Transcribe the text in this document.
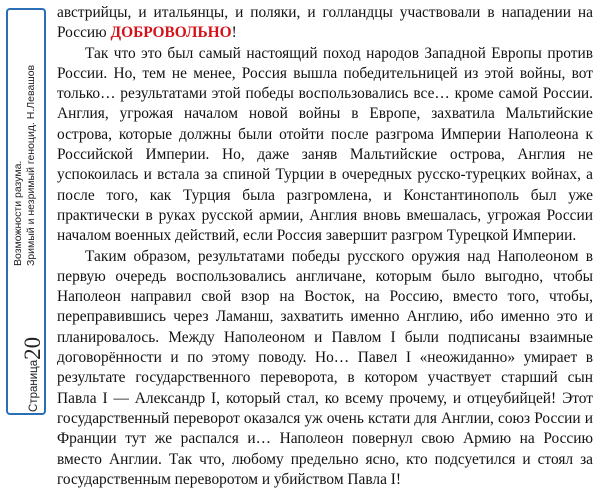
Страница20
Возможности разума. Зримый и незримый геноцид. Н.Левашов

австрийцы, и итальянцы, и поляки, и голландцы участвовали в нападении на Россию ДОБРОВОЛЬНО!

Так что это был самый настоящий поход народов Западной Европы против России. Но, тем не менее, Россия вышла победительницей из этой войны, вот только… результатами этой победы воспользовались все… кроме самой России. Англия, угрожая началом новой войны в Европе, захватила Мальтийские острова, которые должны были отойти после разгрома Империи Наполеона к Российской Империи. Но, даже заняв Мальтийские острова, Англия не успокоилась и встала за спиной Турции в очередных русско-турецких войнах, а после того, как Турция была разгромлена, и Константинополь был уже практически в руках русской армии, Англия вновь вмешалась, угрожая России началом военных действий, если Россия завершит разгром Турецкой Империи.

Таким образом, результатами победы русского оружия над Наполеоном в первую очередь воспользовались англичане, которым было выгодно, чтобы Наполеон направил свой взор на Восток, на Россию, вместо того, чтобы, переправившись через Ламанш, захватить именно Англию, ибо именно это и планировалось. Между Наполеоном и Павлом I были подписаны взаимные договорённости и по этому поводу. Но… Павел I «неожиданно» умирает в результате государственного переворота, в котором участвует старший сын Павла I — Александр I, который стал, ко всему прочему, и отцеубийцей! Этот государственный переворот оказался уж очень кстати для Англии, союз России и Франции тут же распался и… Наполеон повернул свою Армию на Россию вместо Англии. Так что, любому предельно ясно, кто подсуетился и стоял за государственным переворотом и убийством Павла I!
